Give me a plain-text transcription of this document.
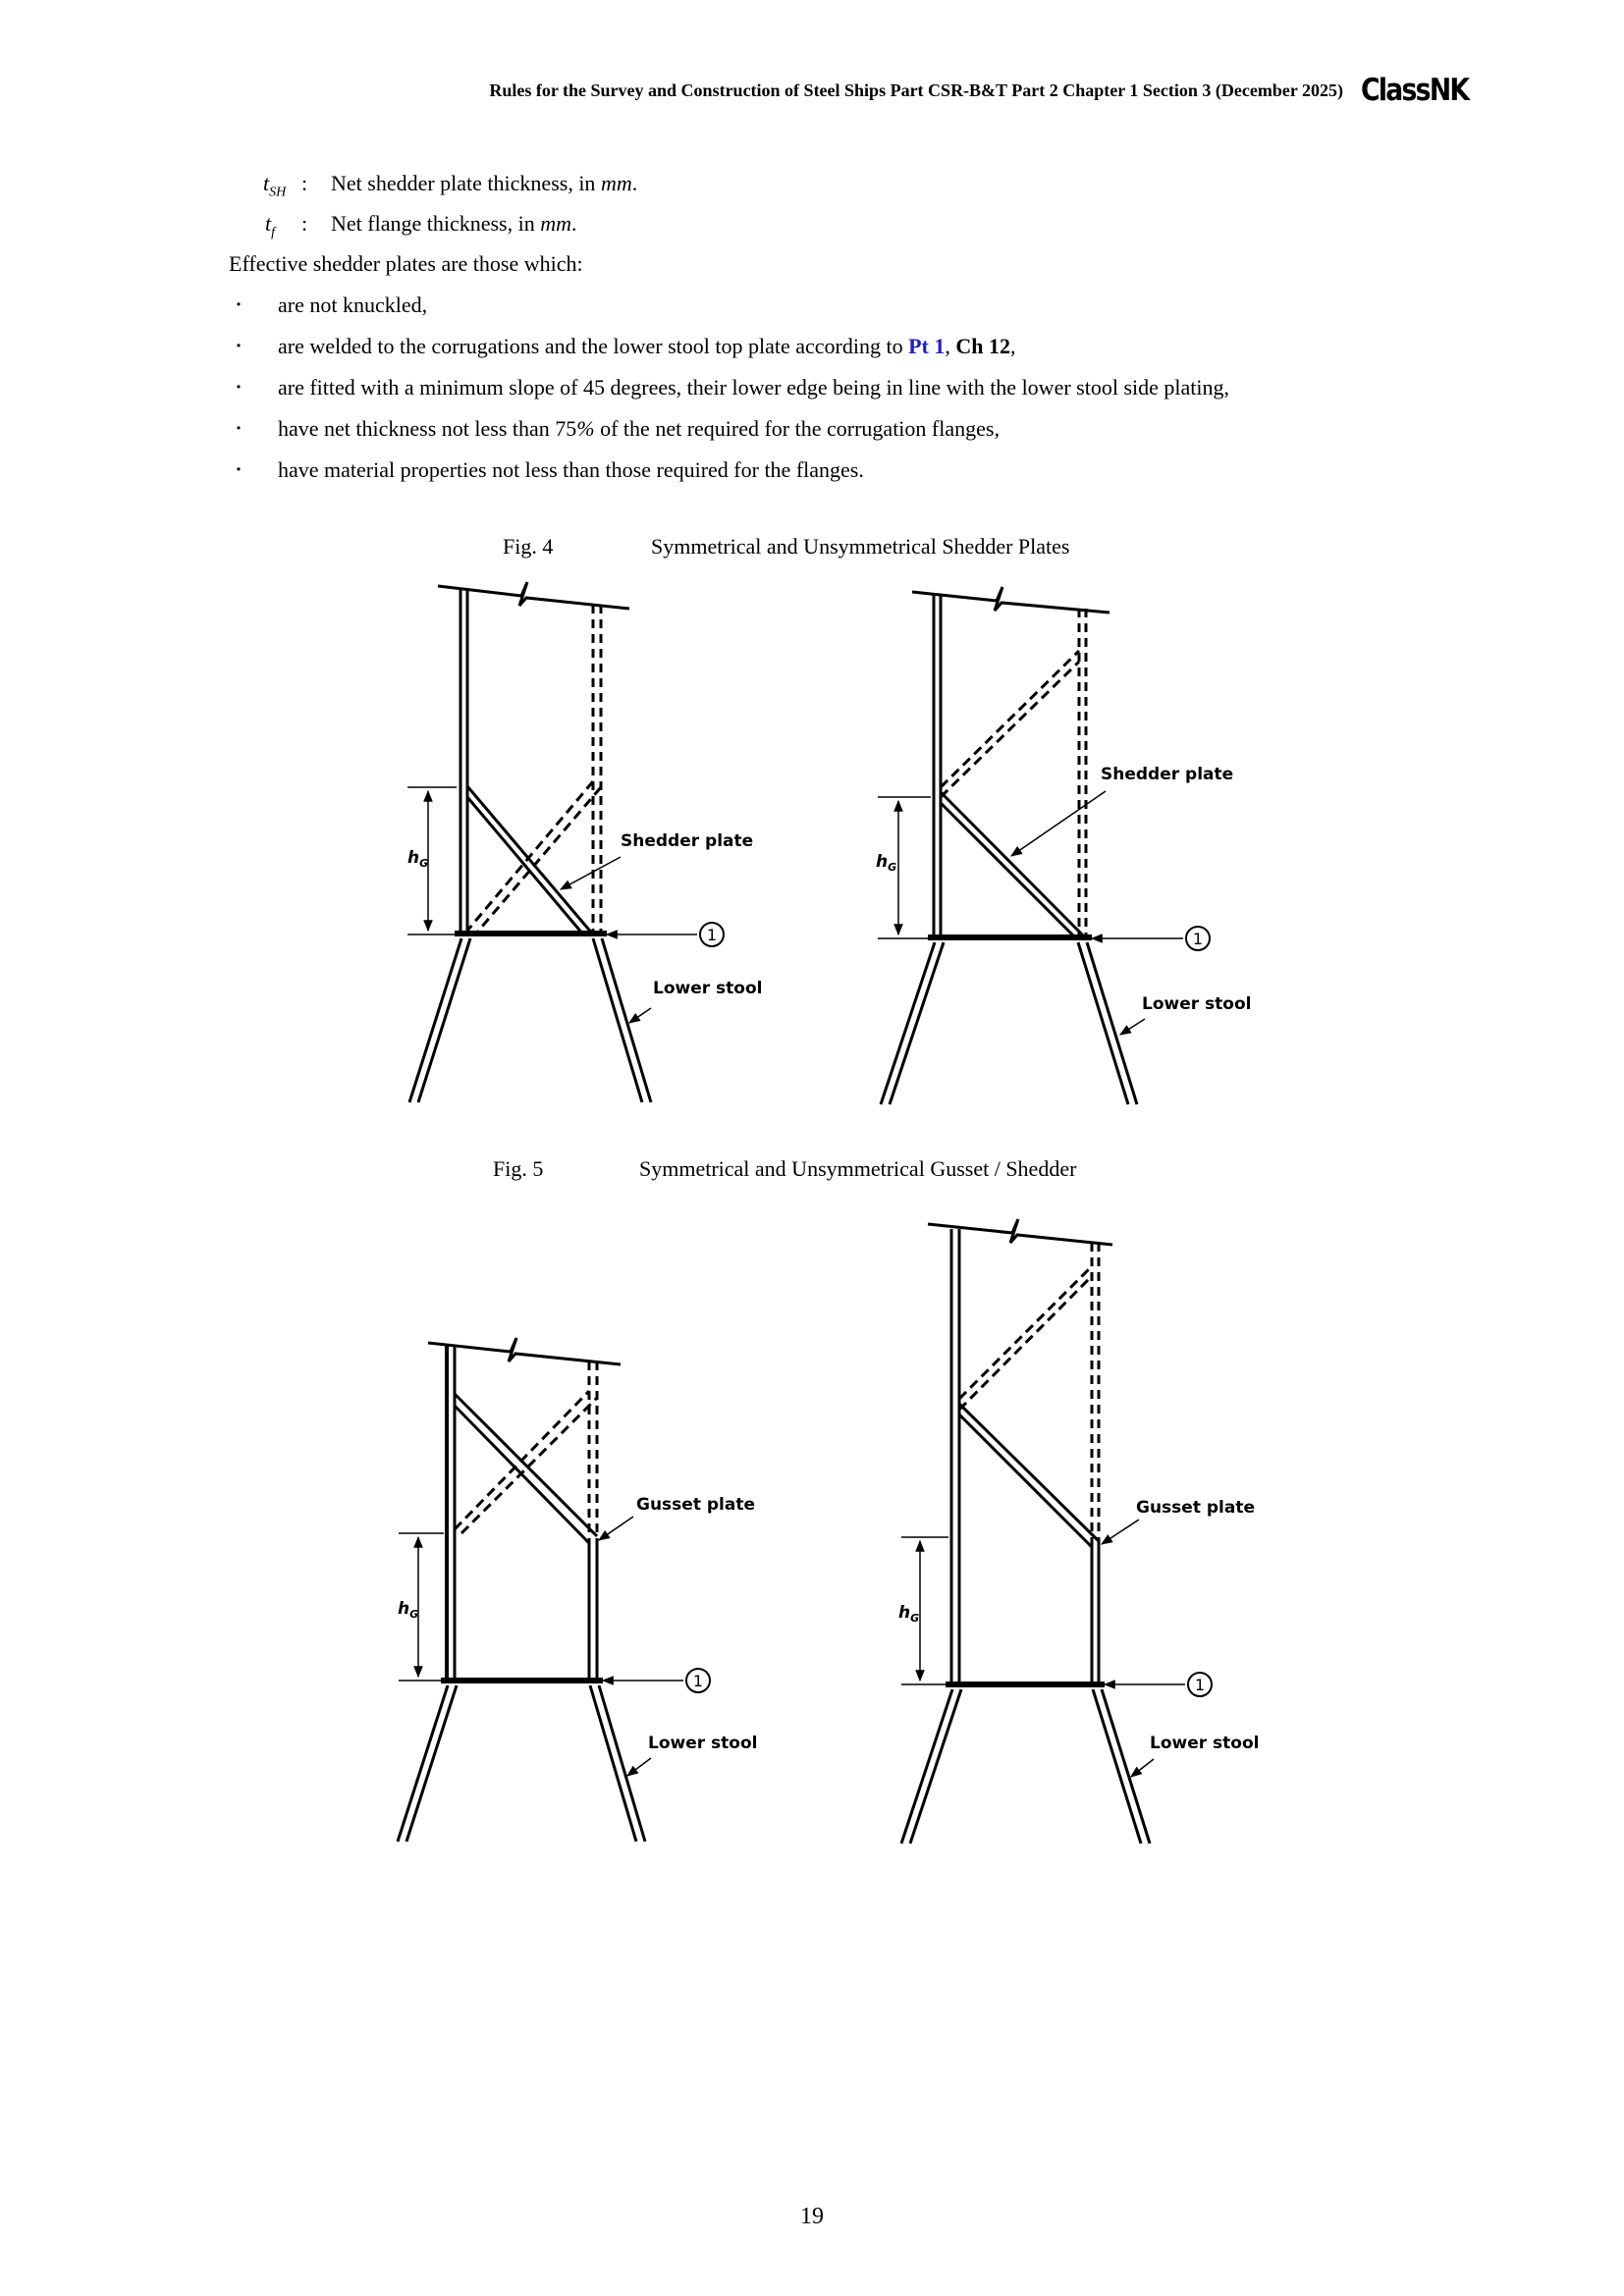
Rules for the Survey and Construction of Steel Ships Part CSR-B&T Part 2 Chapter 1 Section 3 (December 2025) ClassNK
$t_{SH}$ : Net shedder plate thickness, in mm.
$t_f$ : Net flange thickness, in mm.
Effective shedder plates are those which:
・ are not knuckled,
・ are welded to the corrugations and the lower stool top plate according to Pt 1, Ch 12,
・ are fitted with a minimum slope of 45 degrees, their lower edge being in line with the lower stool side plating,
・ have net thickness not less than 75% of the net required for the corrugation flanges,
・ have material properties not less than those required for the flanges.
Fig. 4	Symmetrical and Unsymmetrical Shedder Plates
Fig. 5	Symmetrical and Unsymmetrical Gusset / Shedder
Shedder plate
Lower stool
$h_G$
1
Shedder plate
Lower stool
$h_G$
1
Gusset plate
Lower stool
$h_G$
1
Gusset plate
Lower stool
$h_G$
1
19
